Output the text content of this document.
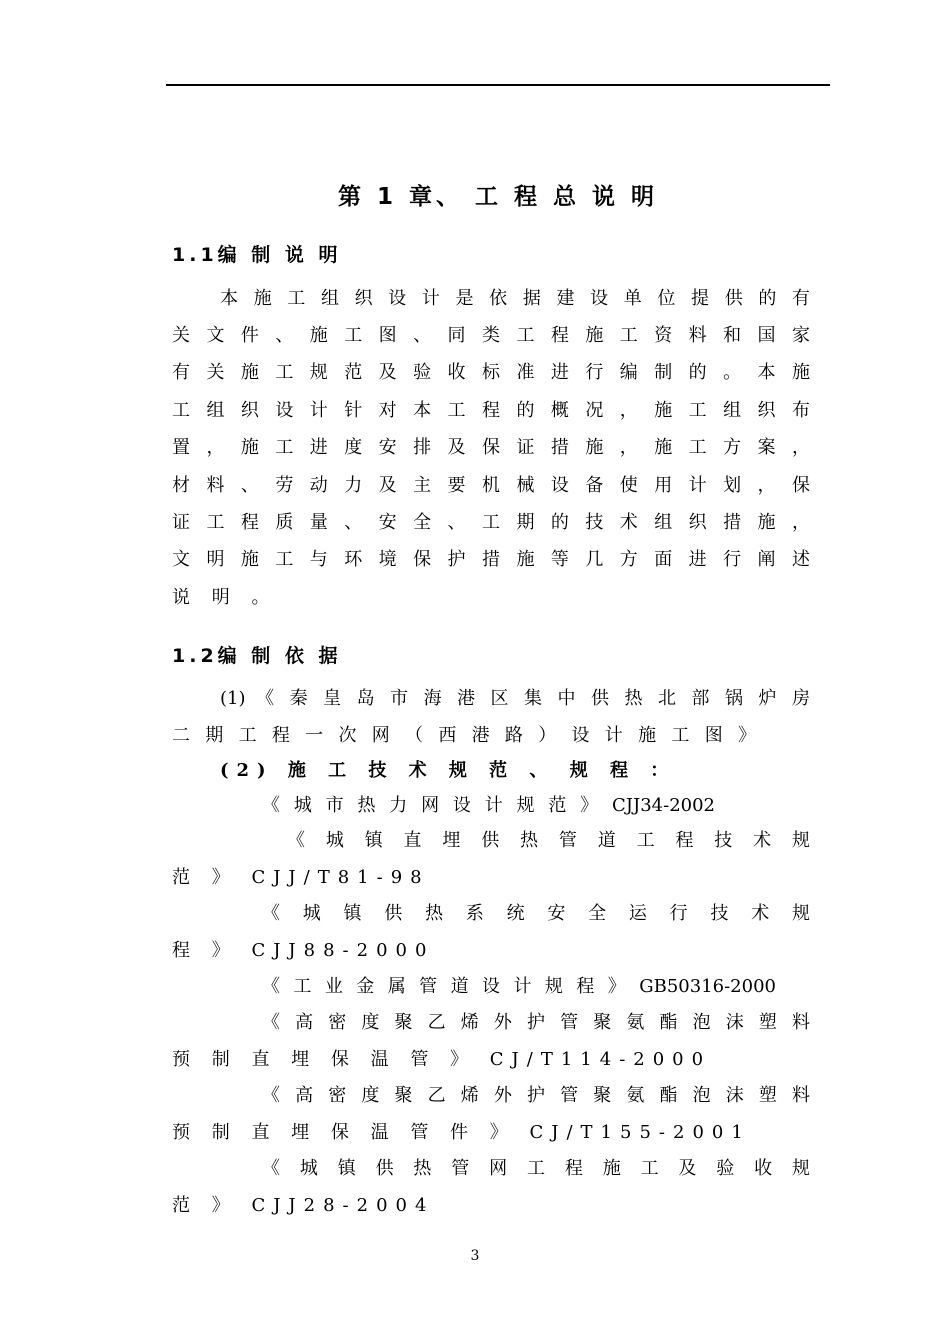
第 1 章、 工 程 总 说 明
1.1编 制 说 明
本 施 工 组 织 设 计 是 依 据 建 设 单 位 提 供 的 有
关 文 件 、 施 工 图 、 同 类 工 程 施 工 资 料 和 国 家
有 关 施 工 规 范 及 验 收 标 准 进 行 编 制 的 。 本 施
工 组 织 设 计 针 对 本 工 程 的 概 况 ， 施 工 组 织 布
置 ， 施 工 进 度 安 排 及 保 证 措 施 ， 施 工 方 案 ，
材 料 、 劳 动 力 及 主 要 机 械 设 备 使 用 计 划 ， 保
证 工 程 质 量 、 安 全 、 工 期 的 技 术 组 织 措 施 ，
文 明 施 工 与 环 境 保 护 措 施 等 几 方 面 进 行 阐 述
说 明 。
1.2编 制 依 据
(1) 《 秦 皇 岛 市 海 港 区 集 中 供 热 北 部 锅 炉 房
二 期 工 程 一 次 网 （ 西 港 路 ） 设 计 施 工 图 》
(2) 施 工 技 术 规 范 、 规 程 ：
《 城 市 热 力 网 设 计 规 范 》 CJJ34-2002
《 城 镇 直 埋 供 热 管 道 工 程 技 术 规
范 》 CJJ/T81-98
《 城 镇 供 热 系 统 安 全 运 行 技 术 规
程 》 CJJ88-2000
《 工 业 金 属 管 道 设 计 规 程 》 GB50316-2000
《 高 密 度 聚 乙 烯 外 护 管 聚 氨 酯 泡 沫 塑 料
预 制 直 埋 保 温 管 》 CJ/T114-2000
《 高 密 度 聚 乙 烯 外 护 管 聚 氨 酯 泡 沫 塑 料
预 制 直 埋 保 温 管 件 》 CJ/T155-2001
《 城 镇 供 热 管 网 工 程 施 工 及 验 收 规
范 》 CJJ28-2004
3
